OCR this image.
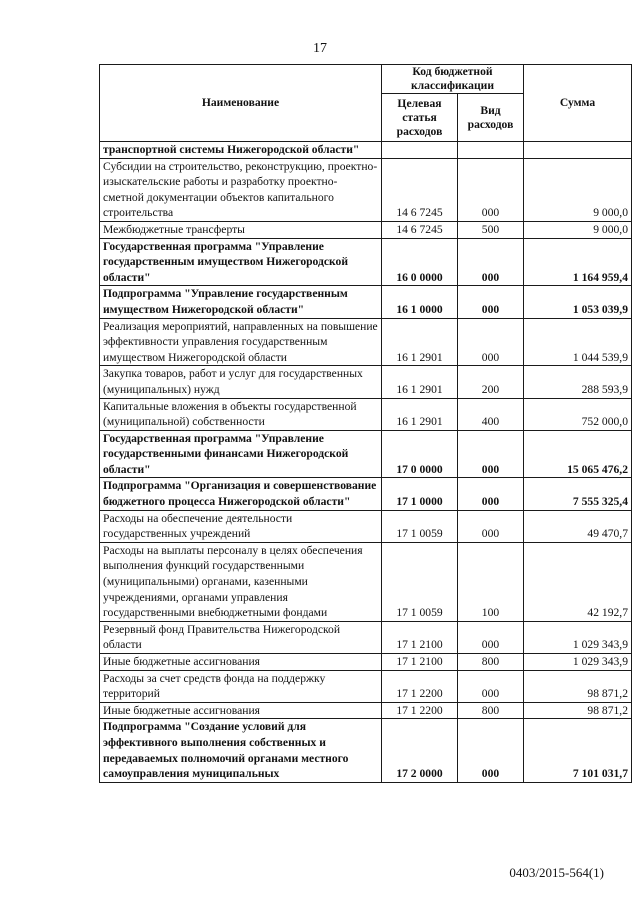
17
Наименование	Код бюджетной классификации		Сумма
	Целевая статья расходов	Вид расходов	
транспортной системы Нижегородской области"			
Субсидии на строительство, реконструкцию, проектно-изыскательские работы и разработку проектно-сметной документации объектов капитального строительства	14 6 7245	000	9 000,0
Межбюджетные трансферты	14 6 7245	500	9 000,0
Государственная программа "Управление государственным имуществом Нижегородской области"	16 0 0000	000	1 164 959,4
Подпрограмма "Управление государственным имуществом Нижегородской области"	16 1 0000	000	1 053 039,9
Реализация мероприятий, направленных на повышение эффективности управления государственным имуществом Нижегородской области	16 1 2901	000	1 044 539,9
Закупка товаров, работ и услуг для государственных (муниципальных) нужд	16 1 2901	200	288 593,9
Капитальные вложения в объекты государственной (муниципальной) собственности	16 1 2901	400	752 000,0
Государственная программа "Управление государственными финансами Нижегородской области"	17 0 0000	000	15 065 476,2
Подпрограмма "Организация и совершенствование бюджетного процесса Нижегородской области"	17 1 0000	000	7 555 325,4
Расходы на обеспечение деятельности государственных учреждений	17 1 0059	000	49 470,7
Расходы на выплаты персоналу в целях обеспечения выполнения функций государственными (муниципальными) органами, казенными учреждениями, органами управления государственными внебюджетными фондами	17 1 0059	100	42 192,7
Резервный фонд Правительства Нижегородской области	17 1 2100	000	1 029 343,9
Иные бюджетные ассигнования	17 1 2100	800	1 029 343,9
Расходы за счет средств фонда на поддержку территорий	17 1 2200	000	98 871,2
Иные бюджетные ассигнования	17 1 2200	800	98 871,2
Подпрограмма "Создание условий для эффективного выполнения собственных и передаваемых полномочий органами местного самоуправления муниципальных	17 2 0000	000	7 101 031,7
0403/2015-564(1)
